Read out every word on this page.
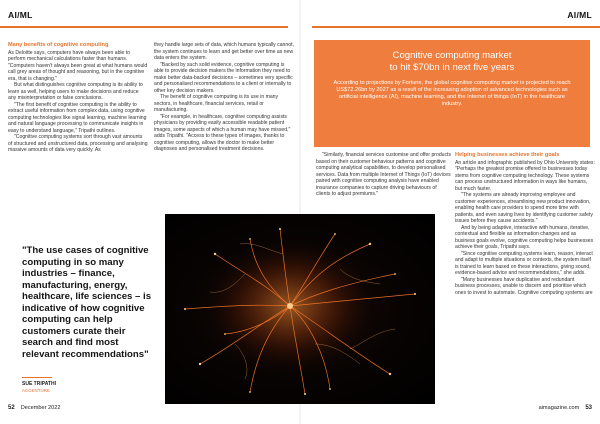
AI/ML	AI/ML
Many benefits of cognitive computing

As Deloitte says, computers have always been able to perform mechanical calculations faster than humans. "Computers haven't always been great at what humans would call grey areas of thought and reasoning, but in the cognitive era, that is changing."

But what distinguishes cognitive computing is its ability to learn as well, helping users to make decisions and reduce any misinterpretation or false conclusions.

"The first benefit of cognitive computing is the ability to extract useful information from complex data, using cognitive computing technologies like signal learning, machine learning and natural language processing to communicate insights in easy to understand language," Tripathi outlines.

"Cognitive computing systems sort through vast amounts of structured and unstructured data, processing and analysing massive amounts of data very quickly. As

they handle large sets of data, which humans typically cannot, the system continues to learn and get better over time as new data enters the system.

"Backed by such solid evidence, cognitive computing is able to provide decision makers the information they need to make better data-backed decisions – sometimes very specific and personalised recommendations to a client or internally to other key decision makers.

The benefit of cognitive computing is its use in many sectors, in healthcare, financial services, retail or manufacturing.

"For example, in healthcare, cognitive computing assists physicians by providing easily accessible readable patient images, some aspects of which a human may have missed," adds Tripathi. "Access to these types of images, thanks to cognitive computing, allows the doctor to make better diagnoses and personalised treatment decisions.

"The use cases of cognitive computing in so many industries – finance, manufacturing, energy, healthcare, life sciences – is indicative of how cognitive computing can help customers curate their search and find most relevant recommendations"
SUE TRIPATHI
ACCENTURE
Cognitive computing market
to hit $70bn in next five years
According to projections by Fortune, the global cognitive computing market is projected to reach US$72.26bn by 2027 as a result of the increasing adoption of advanced technologies such as artificial intelligence (AI), machine learning, and the Internet of things (IoT) in the healthcare industry.

"Similarly, financial services customise and offer products based on their customer behaviour patterns and cognitive computing analytical capabilities, to develop personalised services. Data from multiple Internet of Things (IoT) devices paired with cognitive computing analysis have enabled insurance companies to capture driving behaviours of clients to adjust premiums."

Helping businesses achieve their goals

An article and infographic published by Ohio University states: "Perhaps the greatest promise offered to businesses today stems from cognitive computing technology. These systems can process unstructured information in ways like humans, but much faster.

"The systems are already improving employee and customer experiences, streamlining new product innovation, enabling health care providers to spend more time with patients, and even saving lives by identifying customer safety issues before they cause accidents."

And by being adaptive, interactive with humans, iterative, contextual and flexible as information changes and as business goals evolve, cognitive computing helps businesses achieve their goals, Tripathi says.

"Since cognitive computing systems learn, reason, interact and adapt to multiple situations or contexts, the system itself is trained to learn based on these interactions, giving sound, evidence-based advice and recommendations," she adds.

"Many businesses have duplicative and redundant business processes, unable to discern and prioritise which ones to invest to automate. Cognitive computing systems are

52 December 2022	aimagazine.com 53
